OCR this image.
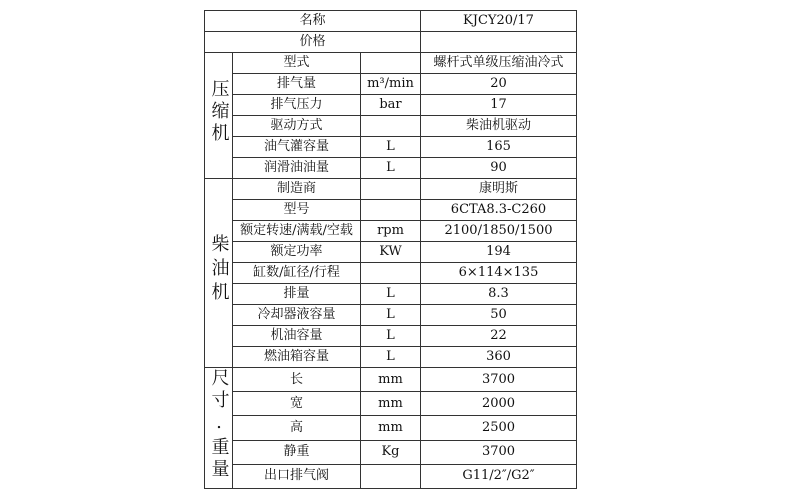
名称			KJCY20/17
价格			
压缩机	型式		螺杆式单级压缩油冷式
	排气量	m³/min	20
	排气压力	bar	17
	驱动方式		柴油机驱动
	油气灌容量	L	165
	润滑油油量	L	90
柴油机	制造商		康明斯
	型号		6CTA8.3-C260
	额定转速/满载/空载	rpm	2100/1850/1500
	额定功率	KW	194
	缸数/缸径/行程		6×114×135
	排量	L	8.3
	冷却器液容量	L	50
	机油容量	L	22
	燃油箱容量	L	360
尺寸.重量	长	mm	3700
	宽	mm	2000
	高	mm	2500
	静重	Kg	3700
	出口排气阀		G11/2″/G2″
